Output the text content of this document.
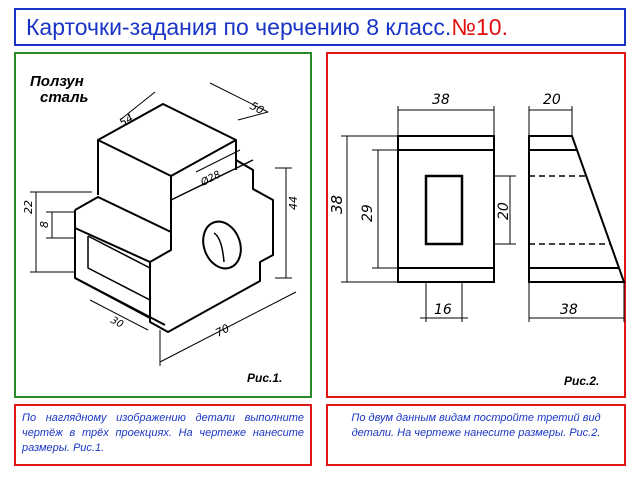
Карточки-задания по черчению 8 класс.№10.
Ползун
сталь
50
54
Ø28
22
8
44
30	70
38	20
38 29	20
16	38
Рис.1.	Рис.2.
По наглядному изображению детали выполните чертёж в трёх проекциях. На чертеже нанесите размеры. Рис.1.
По двум данным видам постройте третий вид детали. На чертеже нанесите размеры. Рис.2.
